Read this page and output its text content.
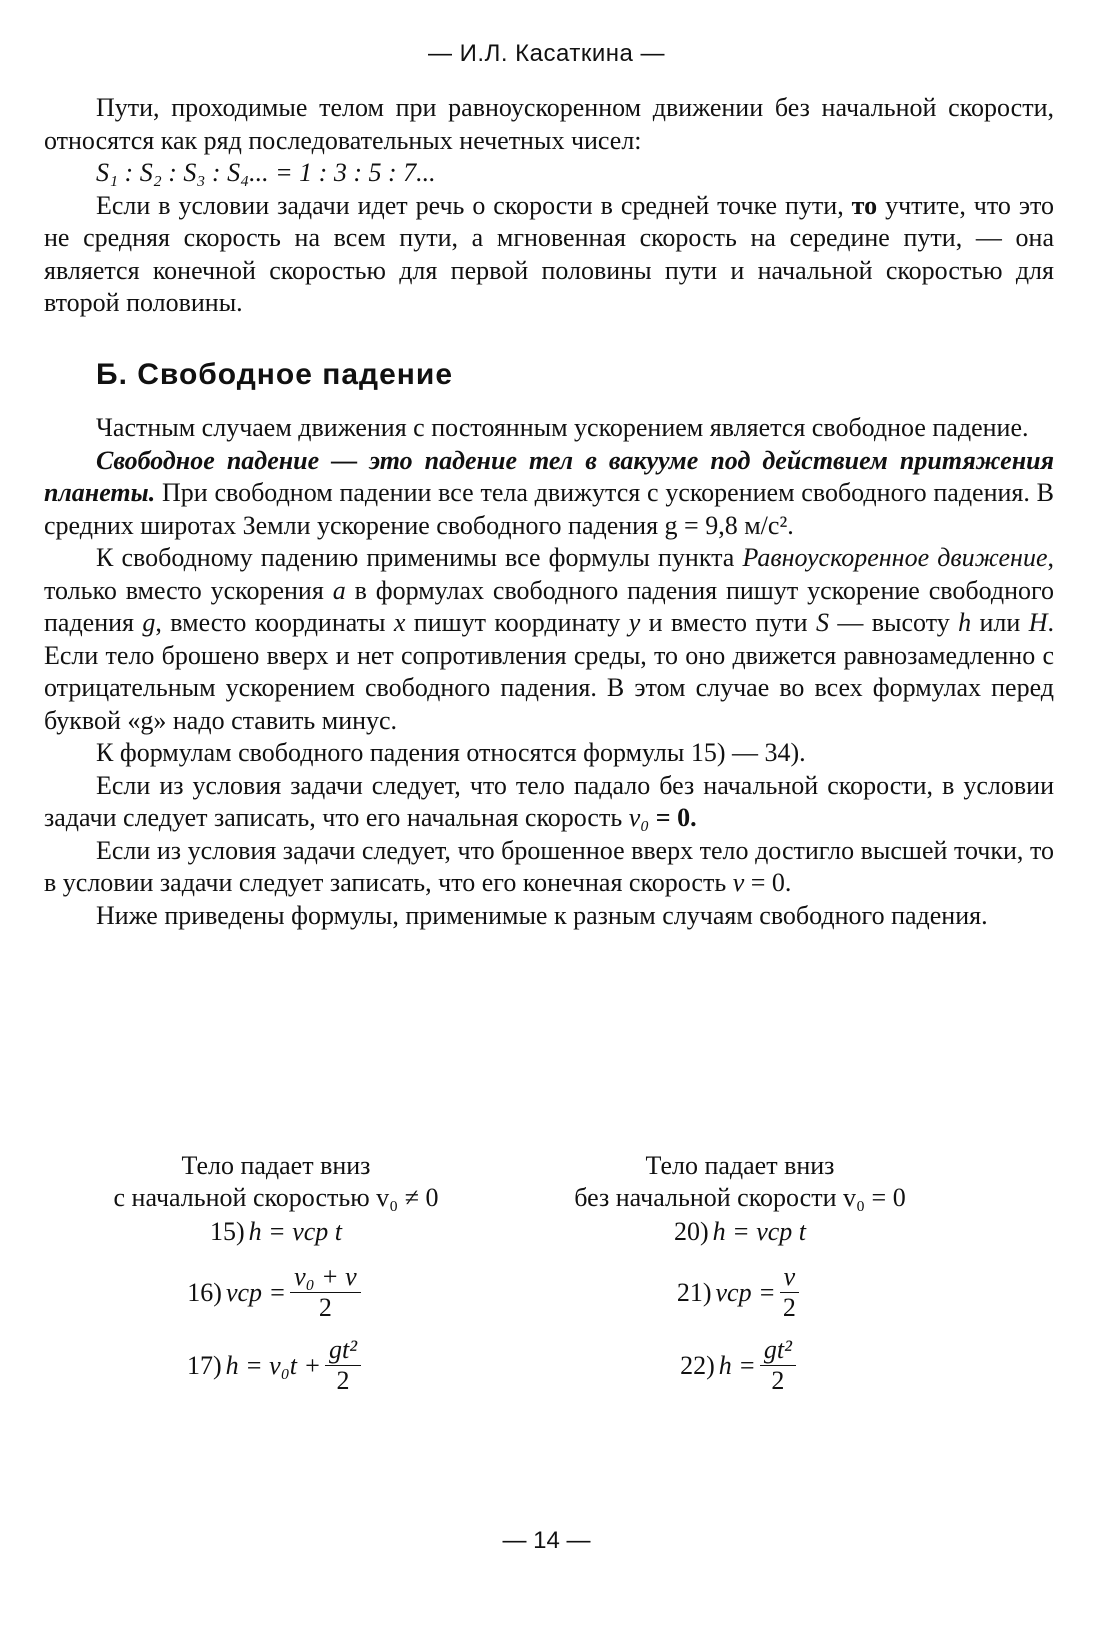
— И.Л. Касаткина —

Пути, проходимые телом при равноускоренном движении без начальной скорости, относятся как ряд последовательных нечетных чисел:

S₁ : S₂ : S₃ : S₄... = 1 : 3 : 5 : 7...

Если в условии задачи идет речь о скорости в средней точке пути, то учтите, что это не средняя скорость на всем пути, а мгновенная скорость на середине пути, — она является конечной скоростью для первой половины пути и начальной скоростью для второй половины.

Б. Свободное падение

Частным случаем движения с постоянным ускорением является свободное падение.

Свободное падение — это падение тел в вакууме под действием притяжения планеты. При свободном падении все тела движутся с ускорением свободного падения. В средних широтах Земли ускорение свободного падения g = 9,8 м/с².

К свободному падению применимы все формулы пункта Равноускоренное движение, только вместо ускорения a в формулах свободного падения пишут ускорение свободного падения g, вместо координаты x пишут координату y и вместо пути S — высоту h или H. Если тело брошено вверх и нет сопротивления среды, то оно движется равнозамедленно с отрицательным ускорением свободного падения. В этом случае во всех формулах перед буквой «g» надо ставить минус.

К формулам свободного падения относятся формулы 15) — 34).

Если из условия задачи следует, что тело падало без начальной скорости, в условии задачи следует записать, что его начальная скорость v₀ = 0.

Если из условия задачи следует, что брошенное вверх тело достигло высшей точки, то в условии задачи следует записать, что его конечная скорость v = 0.

Ниже приведены формулы, применимые к разным случаям свободного падения.

Тело падает вниз
с начальной скоростью v₀ ≠ 0
15) h = vср t
16) vср = $\frac{\text{v₀ + v}}{2}$
17) $h = v_0t + \frac{\text{gt²}}{2}$
Тело падает вниз
без начальной скорости v₀ = 0
20) h = vср t
21) vср = $\frac{v}{2}$
22) $h = \frac{\text{gt²}}{2}$
— 14 —
